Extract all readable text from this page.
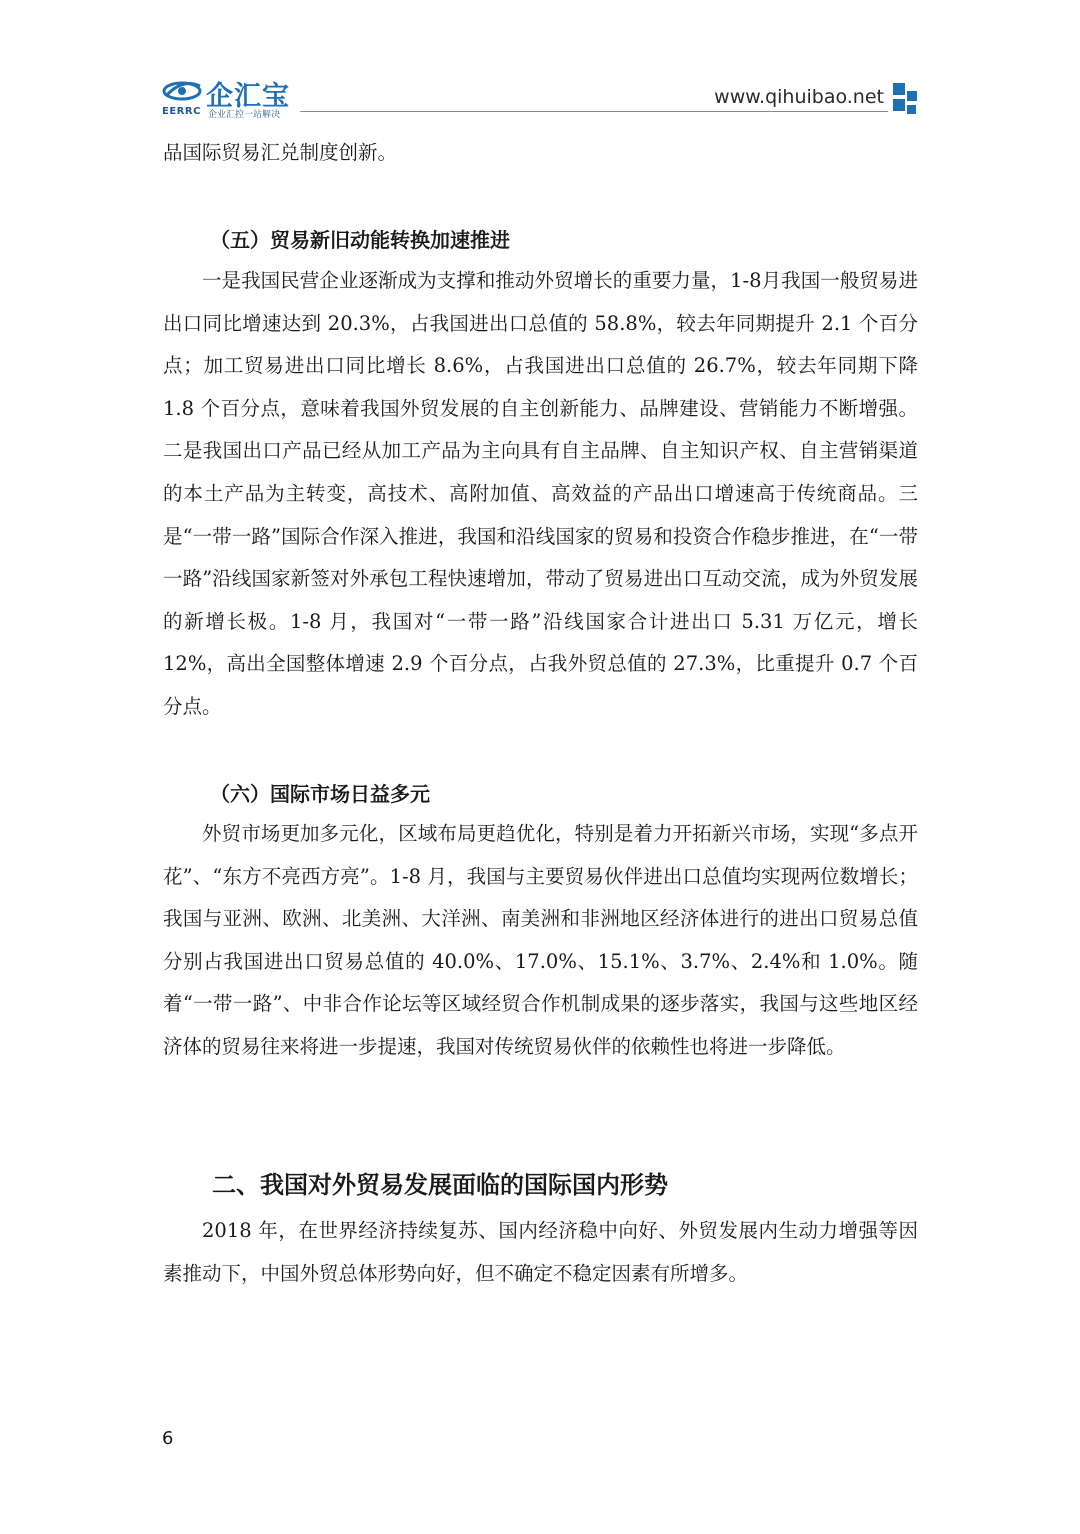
企汇宝
EERRC 企业汇控一站解决
www.qihuibao.net

品国际贸易汇兑制度创新。

（五）贸易新旧动能转换加速推进

一是我国民营企业逐渐成为支撑和推动外贸增长的重要力量，1-8月我国一般贸易进出口同比增速达到 20.3%，占我国进出口总值的 58.8%，较去年同期提升 2.1 个百分点；加工贸易进出口同比增长 8.6%，占我国进出口总值的 26.7%，较去年同期下降 1.8 个百分点，意味着我国外贸发展的自主创新能力、品牌建设、营销能力不断增强。二是我国出口产品已经从加工产品为主向具有自主品牌、自主知识产权、自主营销渠道的本土产品为主转变，高技术、高附加值、高效益的产品出口增速高于传统商品。三是“一带一路”国际合作深入推进，我国和沿线国家的贸易和投资合作稳步推进，在“一带一路”沿线国家新签对外承包工程快速增加，带动了贸易进出口互动交流，成为外贸发展的新增长极。1-8 月，我国对“一带一路”沿线国家合计进出口 5.31 万亿元，增长 12%，高出全国整体增速 2.9 个百分点，占我外贸总值的 27.3%，比重提升 0.7 个百分点。

（六）国际市场日益多元

外贸市场更加多元化，区域布局更趋优化，特别是着力开拓新兴市场，实现“多点开花”、“东方不亮西方亮”。1-8 月，我国与主要贸易伙伴进出口总值均实现两位数增长；我国与亚洲、欧洲、北美洲、大洋洲、南美洲和非洲地区经济体进行的进出口贸易总值分别占我国进出口贸易总值的 40.0%、17.0%、15.1%、3.7%、2.4%和 1.0%。随着“一带一路”、中非合作论坛等区域经贸合作机制成果的逐步落实，我国与这些地区经济体的贸易往来将进一步提速，我国对传统贸易伙伴的依赖性也将进一步降低。

二、我国对外贸易发展面临的国际国内形势

2018 年，在世界经济持续复苏、国内经济稳中向好、外贸发展内生动力增强等因素推动下，中国外贸总体形势向好，但不确定不稳定因素有所增多。

6
